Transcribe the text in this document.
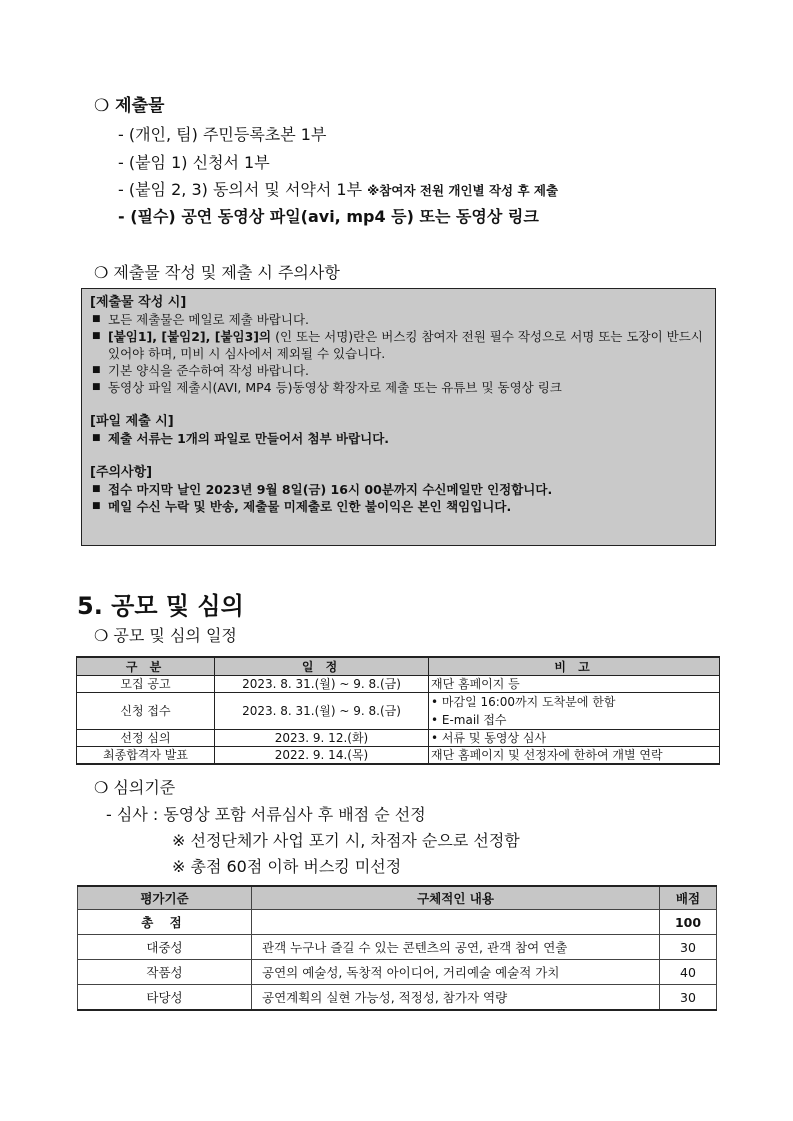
❍ 제출물
- (개인, 팀) 주민등록초본 1부
- (붙임 1) 신청서 1부
- (붙임 2, 3) 동의서 및 서약서 1부 ※참여자 전원 개인별 작성 후 제출
- (필수) 공연 동영상 파일(avi, mp4 등) 또는 동영상 링크
❍ 제출물 작성 및 제출 시 주의사항
[제출물 작성 시]
■ 모든 제출물은 메일로 제출 바랍니다.
■ [붙임1], [붙임2], [붙임3]의 (인 또는 서명)란은 버스킹 참여자 전원 필수 작성으로 서명 또는 도장이 반드시 있어야 하며, 미비 시 심사에서 제외될 수 있습니다.
■ 기본 양식을 준수하여 작성 바랍니다.
■ 동영상 파일 제출시(AVI, MP4 등)동영상 확장자로 제출 또는 유튜브 및 동영상 링크
[파일 제출 시]
■ 제출 서류는 1개의 파일로 만들어서 첨부 바랍니다.
[주의사항]
■ 접수 마지막 날인 2023년 9월 8일(금) 16시 00분까지 수신메일만 인정합니다.
■ 메일 수신 누락 및 반송, 제출물 미제출로 인한 불이익은 본인 책임입니다.
5. 공모 및 심의
❍ 공모 및 심의 일정
구 분	일 정	비 고
모집 공고	2023. 8. 31.(월) ~ 9. 8.(금)	재단 홈페이지 등
신청 접수	2023. 8. 31.(월) ~ 9. 8.(금)	• 마감일 16:00까지 도착분에 한함
• E-mail 접수

선정 심의	2023. 9. 12.(화)	• 서류 및 동영상 심사
최종합격자 발표	2022. 9. 14.(목)	재단 홈페이지 및 선정자에 한하여 개별 연락
❍ 심의기준
- 심사 : 동영상 포함 서류심사 후 배점 순 선정
※ 선정단체가 사업 포기 시, 차점자 순으로 선정함
※ 총점 60점 이하 버스킹 미선정
평가기준	구체적인 내용	배점
총 점		100
대중성	관객 누구나 즐길 수 있는 콘텐츠의 공연, 관객 참여 연출	30
작품성	공연의 예술성, 독창적 아이디어, 거리예술 예술적 가치	40
타당성	공연계획의 실현 가능성, 적정성, 참가자 역량	30
